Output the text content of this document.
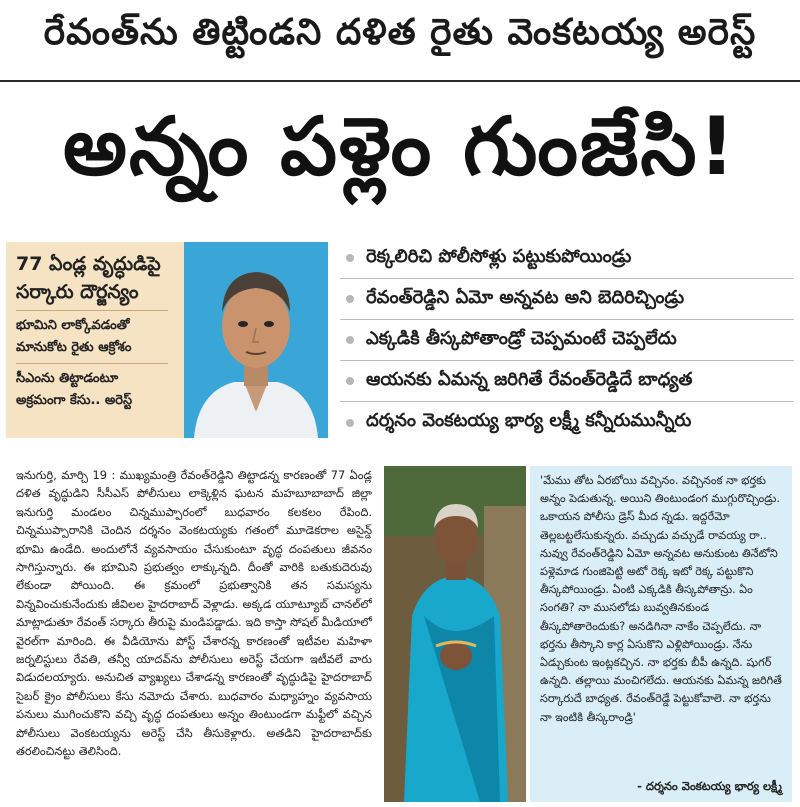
రేవంత్‌ను తిట్టిండని దళిత రైతు వెంకటయ్య అరెస్ట్
అన్నం పళ్లెం గుంజేసి!
77 ఏండ్ల వృద్ధుడిపై
సర్కారు దౌర్జన్యం
భూమిని లాక్కోవడంతో
మానుకోట రైతు ఆక్రోశం
సీఎంను తిట్టాడంటూ
అక్రమంగా కేసు.. అరెస్ట్
రెక్కలిరిచి పోలీసోళ్లు పట్టుకుపోయిండ్రు
రేవంత్‌రెడ్డిని ఏమో అన్నవట అని బెదిరిచ్చిండ్రు
ఎక్కడికి తీస్కపోతాండ్రో చెప్పమంటే చెప్పలేదు
ఆయనకు ఏమన్న జరిగితే రేవంత్‌రెడ్డిదే బాధ్యత
దర్శనం వెంకటయ్య భార్య లక్ష్మీ కన్నీరుమున్నీరు
ఇనుగుర్తి, మార్చి 19 : ముఖ్యమంత్రి రేవంత్‌రెడ్డిని తిట్టాడన్న కారణంతో 77 ఏండ్ల దళిత వృద్ధుడిని సీసీఎస్ పోలీసులు లాక్కెళ్లిన ఘటన మహబూబాబాద్ జిల్లా ఇనుగుర్తి మండలం చిన్నముప్పారంలో బుధవారం కలకలం రేపింది. చిన్నముప్పారానికి చెందిన దర్శనం వెంకటయ్యకు గతంలో మూడెకరాల అసైన్డ్ భూమి ఉండేది. అందులోనే వ్యవసాయం చేసుకుంటూ వృద్ధ దంపతులు జీవనం సాగిస్తున్నారు. ఈ భూమిని ప్రభుత్వం లాక్కున్నది. దీంతో వారికి బతుకుదెరువు లేకుండా పోయింది. ఈ క్రమంలో ప్రభుత్వానికి తన సమస్యను విన్నవించుకునేందుకు జీవిలల హైదరాబాద్ వెళ్లాడు. అక్కడ యూట్యూబ్ చానల్‌లో మాట్లాడుతూ రేవంత్ సర్కారు తీరుపై మండిపడ్డాడు. ఇది కాస్తా సోషల్ మీడియాలో వైరల్‌గా మారింది. ఈ వీడియోను పోస్ట్ చేశారన్న కారణంతో ఇటీవల మహిళా జర్నలిస్టులు రేవతి, తన్వీ యాదవ్‌ను పోలీసులు అరెస్ట్ చేయగా ఇటీవలే వారు విడుదలయ్యారు. అనుచిత వ్యాఖ్యలు చేశాడన్న కారణంతో వృద్ధుడిపై హైదరాబాద్ సైబర్ క్రైం పోలీసులు కేసు నమోదు చేశారు. బుధవారం మధ్యాహ్నం వ్యవసాయ పనులు ముగించుకొని వచ్చి వృద్ధ దంపతులు అన్నం తింటుండగా మఫ్టీలో వచ్చిన పోలీసులు వెంకటయ్యను అరెస్ట్ చేసి తీసుకెళ్లారు. అతడిని హైదరాబాద్‌కు తరలించినట్టు తెలిసింది.
'మేము తోట ఏరబోయి వచ్చినం. వచ్చినంక నా భర్తకు అన్నం పెడుతున్న. అయిని తింటుండంగ ముగ్గురొచ్చిండ్రు. ఒకాయన పోలీసు డ్రెస్ మీద న్నడు. ఇద్దరేమో తెల్లబట్టలేసుకున్నరు. వచ్చుడు వచ్చుడే రావయ్య రా.. నువ్వు రేవంత్‌రెడ్డిని ఏమో అన్నవట అనుకుంట తినేటోని పళ్లెమాడ గుంజిపెట్టి అటో రెక్క ఇటో రెక్క పట్టుకొని తీస్కపోయిండ్రు. ఏంటి ఎక్కడికి తీస్కపోతాన్రు. ఏం సంగతి? నా ముసలోడు బువ్వతినకుండ తీస్కపోతారెందుకు? అనడిగినా నాకేం చెప్పలేదు. నా భర్తను తీస్కొని కార్ల ఏసుకొని ఎళ్లిపోయిండ్రు. నేను ఏడ్చుకుంట ఇంట్లకచ్చిన. నా భర్తకు బీపీ ఉన్నది. షుగర్ ఉన్నది. తల్లాయి మంచిగలేదు. ఆయనకు ఏమన్న జరిగితే సర్కారుదే బాధ్యత. రేవంత్‌రెడ్డే పెట్టుకోవాలె. నా భర్తను నా ఇంటికి తీస్కరాండ్రి'
- దర్శనం వెంకటయ్య భార్య లక్ష్మీ
